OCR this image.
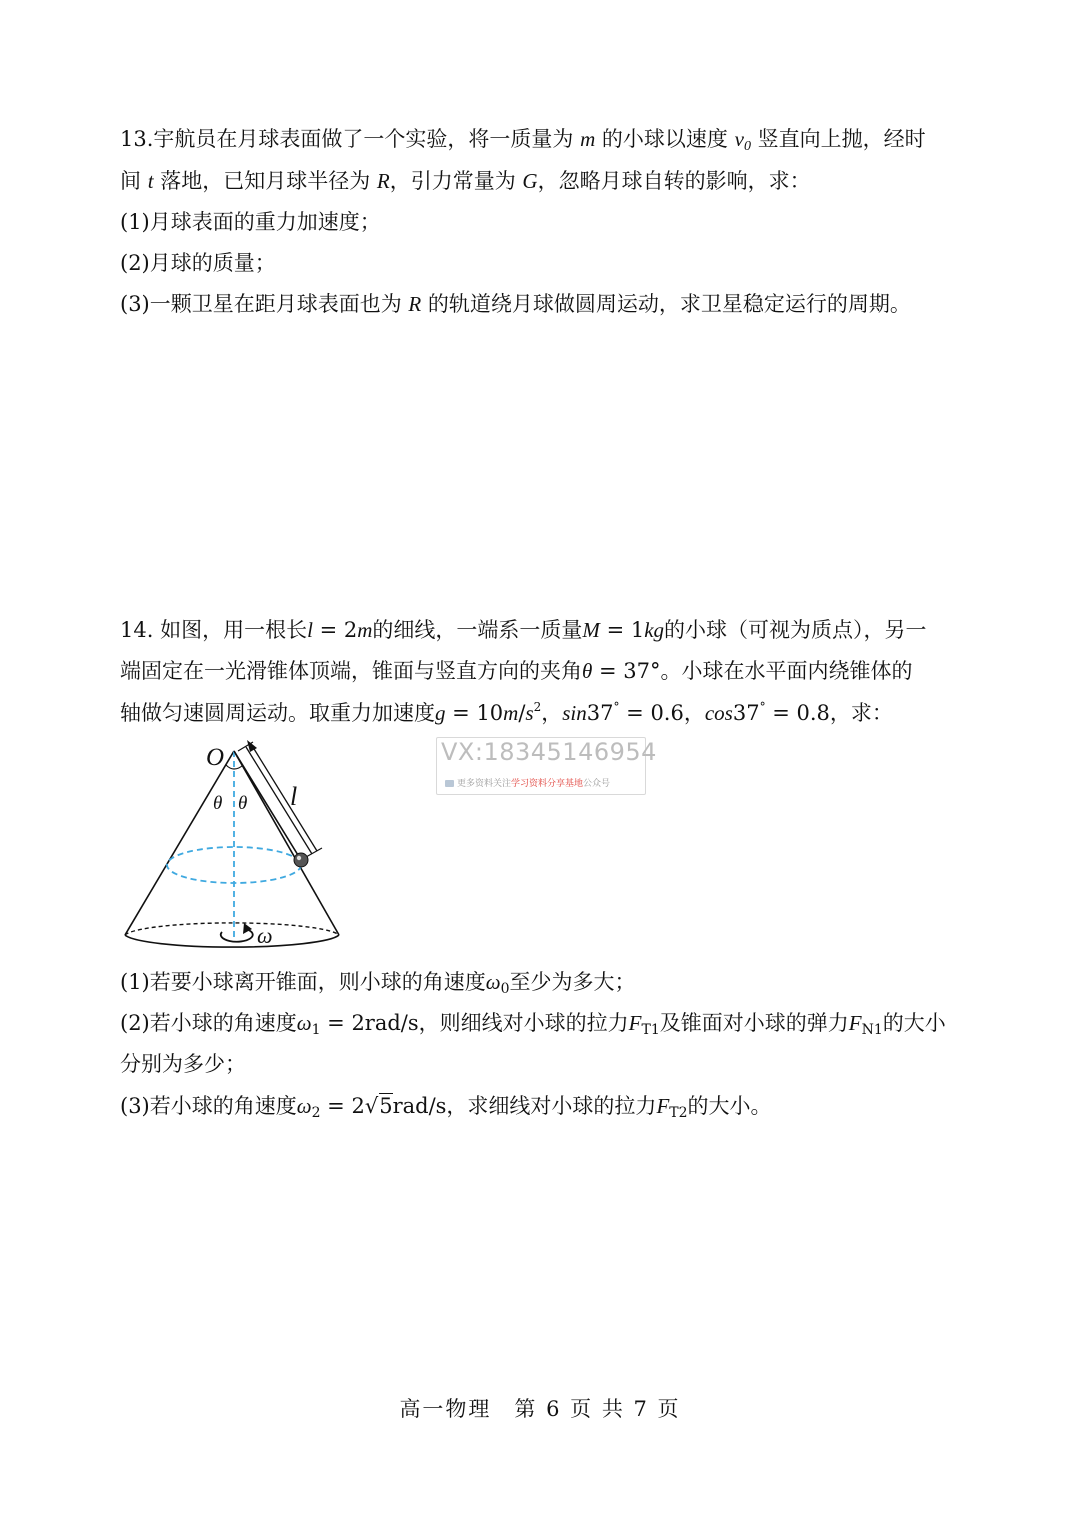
13.宇航员在月球表面做了一个实验，将一质量为 m 的小球以速度 $v_0$ 竖直向上抛，经时
间 t 落地，已知月球半径为 R，引力常量为 G，忽略月球自转的影响，求：
(1)月球表面的重力加速度；
(2)月球的质量；
(3)一颗卫星在距月球表面也为 R 的轨道绕月球做圆周运动，求卫星稳定运行的周期。
14. 如图，用一根长l = 2m的细线，一端系一质量M = 1kg的小球（可视为质点），另一
端固定在一光滑锥体顶端，锥面与竖直方向的夹角θ = 37°。小球在水平面内绕锥体的
轴做匀速圆周运动。取重力加速度$g = 10m/s^2$，sin37° = 0.6，cos37° = 0.8，求：
VX:18345146954
更多资料关注学习资料分享基地公众号
O
θ θ l
ω
(1)若要小球离开锥面，则小球的角速度$\omega_0$至少为多大；
(2)若小球的角速度$\omega_1 = 2rad/s$，则细线对小球的拉力$F_{T1}$及锥面对小球的弹力$F_{N1}$的大小
分别为多少；
(3)若小球的角速度$\omega_2 = 2√5rad/s$，求细线对小球的拉力$F_{T2}$的大小。
高一物理　第 6 页 共 7 页
